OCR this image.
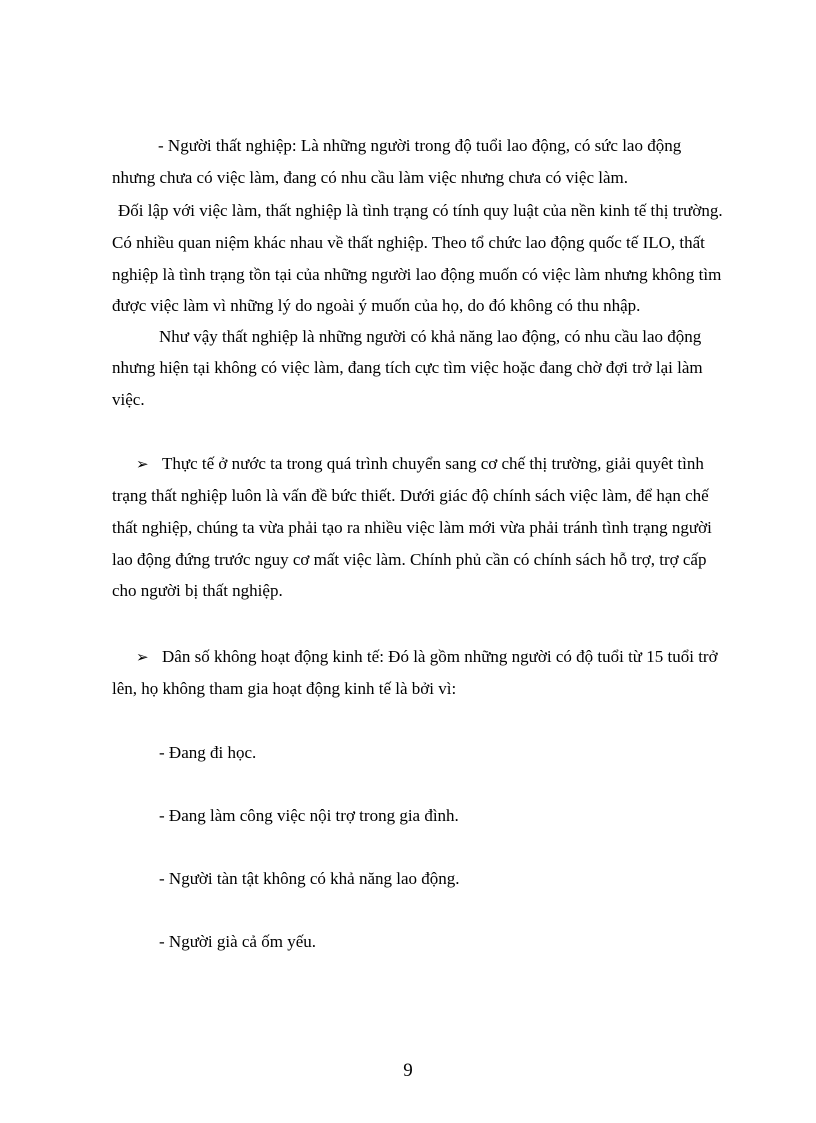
- Người thất nghiệp: Là những người trong độ tuổi lao động, có sức lao động
nhưng chưa có việc làm, đang có nhu cầu làm việc nhưng chưa có việc làm.
Đối lập với việc làm, thất nghiệp là tình trạng có tính quy luật của nền kinh tế thị trường.
Có nhiều quan niệm khác nhau về thất nghiệp. Theo tổ chức lao động quốc tế ILO, thất
nghiệp là tình trạng tồn tại của những người lao động muốn có việc làm nhưng không tìm
được việc làm vì những lý do ngoài ý muốn của họ, do đó không có thu nhập.
Như vậy thất nghiệp là những người có khả năng lao động, có nhu cầu lao động
nhưng hiện tại không có việc làm, đang tích cực tìm việc hoặc đang chờ đợi trở lại làm
việc.
➢ Thực tế ở nước ta trong quá trình chuyển sang cơ chế thị trường, giải quyêt tình
trạng thất nghiệp luôn là vấn đề bức thiết. Dưới giác độ chính sách việc làm, để hạn chế
thất nghiệp, chúng ta vừa phải tạo ra nhiều việc làm mới vừa phải tránh tình trạng người
lao động đứng trước nguy cơ mất việc làm. Chính phủ cần có chính sách hỗ trợ, trợ cấp
cho người bị thất nghiệp.
➢ Dân số không hoạt động kinh tế: Đó là gồm những người có độ tuổi từ 15 tuổi trở
lên, họ không tham gia hoạt động kinh tế là bởi vì:
- Đang đi học.
- Đang làm công việc nội trợ trong gia đình.
- Người tàn tật không có khả năng lao động.
- Người già cả ốm yếu.
9
